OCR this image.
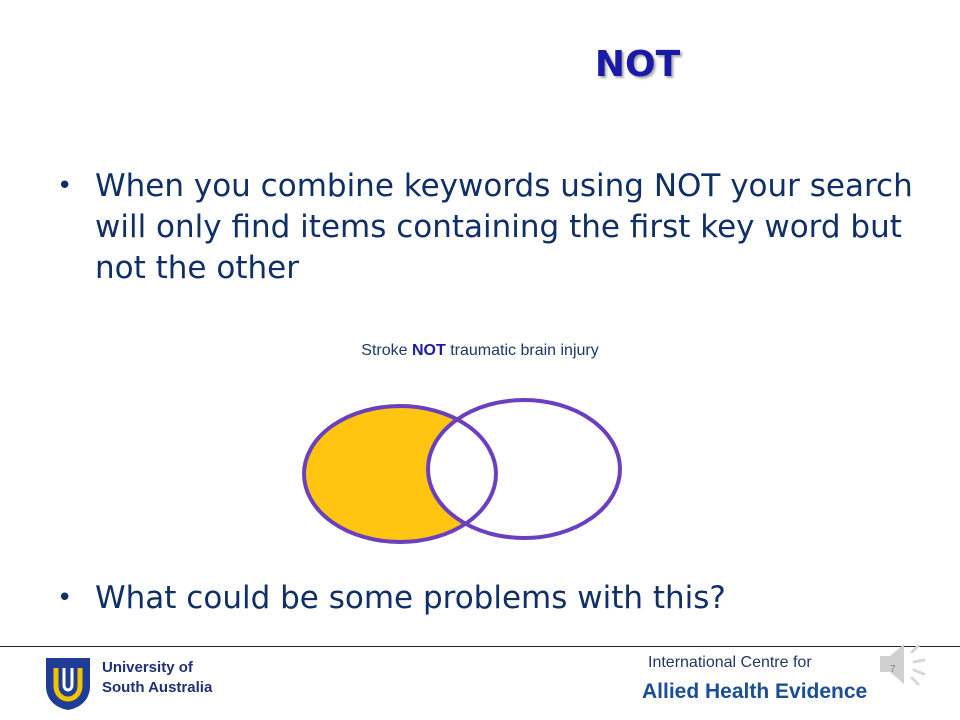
NOT
• When you combine keywords using NOT your search will only find items containing the first key word but not the other
• What could be some problems with this?
Stroke NOT traumatic brain injury
University of
South Australia
International Centre for
Allied Health Evidence
7
